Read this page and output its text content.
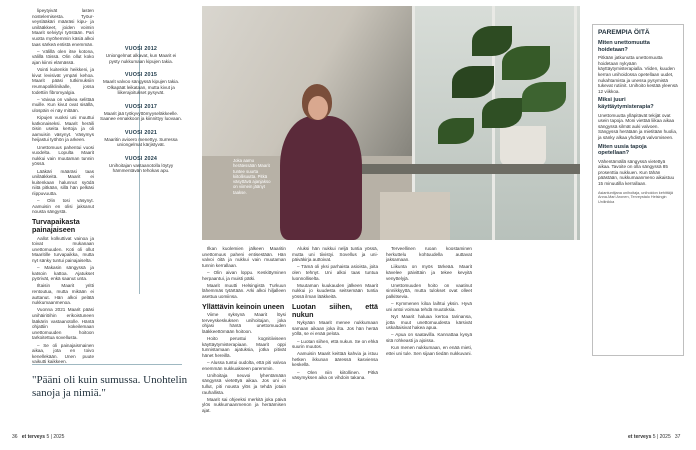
lipeytyivät lasten nostelemisesta. Työur-veyslääkäri määräsi kipu- ja unilääkkeet, joiden voimin Maarit selviytyi työstään. Pari vuotta myöhemmin käsiä alkoi taas särkeä entistä enemmän.

– Välillä olen itse kotona, välillä töissä. Olin ollut koko ajan kiinni elämässä.

Vointi kuitenkin heikkeni, ja kivut levisivät ympäri kehoa. Maarit pääsi tutkimuksiin reumapoliklinikalle, jossa todettiin fibromyalgia.

– Vaivaa on vaikea selittää muille. Kun kivut ovat sisällä, ulospäin ei näy mitään.

Kipujen vuoksi uni muuttui katkonaiseksi. Maarit heräili öisin useita kertoja ja oli aamuisin väsynyt. Väsymys heijastui työhön ja arkeen.

Unettomuus pahentui vuosi vuodelta. Lopulta Maarit nukkui vain muutaman tunnin yössä.

Lääkäri määräsi taas unilääkkeitä. Maarit ei kuitenkaan halunnut syödä niitä pitkään, sillä hän pelkäsi riippuvuutta.

– Olin tosi väsynyt. Aamuisin en olisi jaksanut nousta sängystä.

Turvapaikasta painajaiseen

Aallot kolkuttivat vainoa ja toivat mukanaan unettomuuden. Koti oli ollut Maaritille turvapaikka, mutta nyt sänky tuntui painajaiselta.

– Makasin sängyssä ja katsoin kattoa. Ajatukset pyörivät, enkä saanut unta.

Iltaisin Maarit yritti rentoutua, mutta mikään ei auttanut. Hän alkoi pelätä nukkumaanmenoa.

Vuonna 2021 Maarit pääsi unihäiriöihin erikoistuneen lääkärin vastaanotolle. Häntä ohjattiin kokeilemaan unettomuuden hoitoon tarkoitettua sovellusta.

– Se oli painajaismainen aikaa, jota en toivo kenellekään. Unen puute vaikutti kaikkeen.

VUOSI 2012
Uniongelmat alkavat, kun Maarit ei pysty nukkumaan kipujen takia.
VUOSI 2015
Maarit valvoo sängyssä kipujen takia. Olkapäät leikataan, mutta kivut ja liikerajoitukset pysyvät.
VUOSI 2017
Maarit jää työkyvyttömyyseläkkeelle. Saanee ennakkoon ja kiinnittyy luovaan.
VUOSI 2021
Maaritin avioero menettyy. Surressa uniongelmat kärjistyvät.
VUOSI 2024
Unihoitajan vastaanotolla löytyy hämmentävän tehokas apu.
Joka aamu herätessään Maarit tuntee suurta kiitollisuutta. Pitkä väsyttävä ajanjakso on viimein jäänyt taakse.
"Pääni oli kuin sumussa. Unohtelin sanoja ja nimiä."

Ilkan kuolemien jälkeen Maaritin unettomuus paheni entisestään. Hän valvoi öitä ja nukkui vain muutaman tunnin kerrallaan.

– Olin aivan loppu. Keskittyminen herpaantui, ja muisti pätki.

Maarit muutti Helsingistä Turkuun lähemmäs tytärtään. Arki alkoi hiljalleen asettua uomiinsa.

Yllättävin keinoin uneen

Viime syksynä Maarit löysi terveyskeskuksen unihoitajan, joka ohjasi häntä unettomuuden lääkkeettömään hoitoon.

Hoito perustui kognitiiviseen käyttäytymisterapiaan. Maarit oppi tunnistamaan ajatuksia, jotka pitivät hänet hereillä.

– Alussa tuntui oudolta, että piti valvoa enemmän nukkuakseen paremmin.

Unihoitaja neuvoi lyhentämään sängyssä vietettyä aikaa. Jos uni ei tullut, piti nousta ylös ja tehdä jotain rauhallista.

Maarit sai ohjeeksi merkitä joka päivä ylös nukkumaanmenon ja heräämisen ajat.

Aluksi hän nukkui neljä tuntia yössä, mutta uni tiivistyi. Sovellus ja uni-päiväkirja auttoivat.

– Tämä oli yksi parhaista asioista, joita olen tehnyt. Uni alkoi taas tuntua luonnolliselta.

Muutaman kuukauden jälkeen Maarit nukkui jo kuudesta seitsemään tuntia yössä ilman lääkkeitä.

Luotan siihen, että nukun

Nykyään Maarit menee nukkumaan samaan aikaan joka ilta. Jos hän herää yöllä, se ei enää pelota.

– Luotan siihen, että nukun. Se on ehkä suurin muutos.

Aamuisin Maarit keittää kahvia ja istuu hetken ikkunan ääressä kasviensa keskellä.

– Olen niin kiitollinen. Pitkä väsymyksen aika on vihdoin takana.

Terveellinen ruoan koostaminen herkuttelu kohtuudella auttavat jaksamaan.

Liikunta on myös tärkeää. Maarit kävelee päivittäin ja tekee kevyitä venyttelyjä.

Unettomuuden hoito on vaatinut sinnikkyyttä, mutta tulokset ovat olleet palkitsevia.

– Kymmenen kiloa laihtui yksin. Hyvä uni antoi voimaa tehdä muutoksia.

Nyt Maarit haluaa kertoa tarinansa, jotta muut unettomuudesta kärsivät uskaltaisivat hakea apua.

– Apua on saatavilla. Kannattaa kysyä sitä rohkeasti ja ajoissa.

Kun menen nukkumaan, en enää mieti, ettei uni tule. Sen sijaan tiedän nukkuvani.

PAREMPIA ÖITÄ
Miten unettomuutta hoidetaan?
Pitkään jatkunutta unettomuutta hoidetaan nykyään käyttäytymisterapialla. Viiden, kuuden kerran unihoidossa opetellaan uudet, nukahtamista ja unessa pysymistä tukevat rutiinit. Unihoito kestää yleensä 12 viikkoa.
Miksi juuri käyttäytymisterapia?
Unettomuutta ylläpitävät tekijät ovat usein tapoja. Moni viettää liikaa aikaa sängyssä silmät auki valvoen. Sängyssä herätään ja mietitään huolia, ja sänky alkaa yhdistyä valvomiseen.
Miten uusia tapoja opetellaan?
Vähentämällä sängyssä vietettyä aikaa. Tavoite on olla sängyssä 85 prosenttia nukkuen. Kun tähän päästään, nukkumaanmeno aikaistuu 15 minuutilla kerrallaan.
Asiantuntijana unihoitaja, unihoidon kehittäjä Anna-Mari Aronen, Terveystalo Helsingin Unilinikka
36 et terveys 5 | 2025	et terveys 5 | 2025 37
